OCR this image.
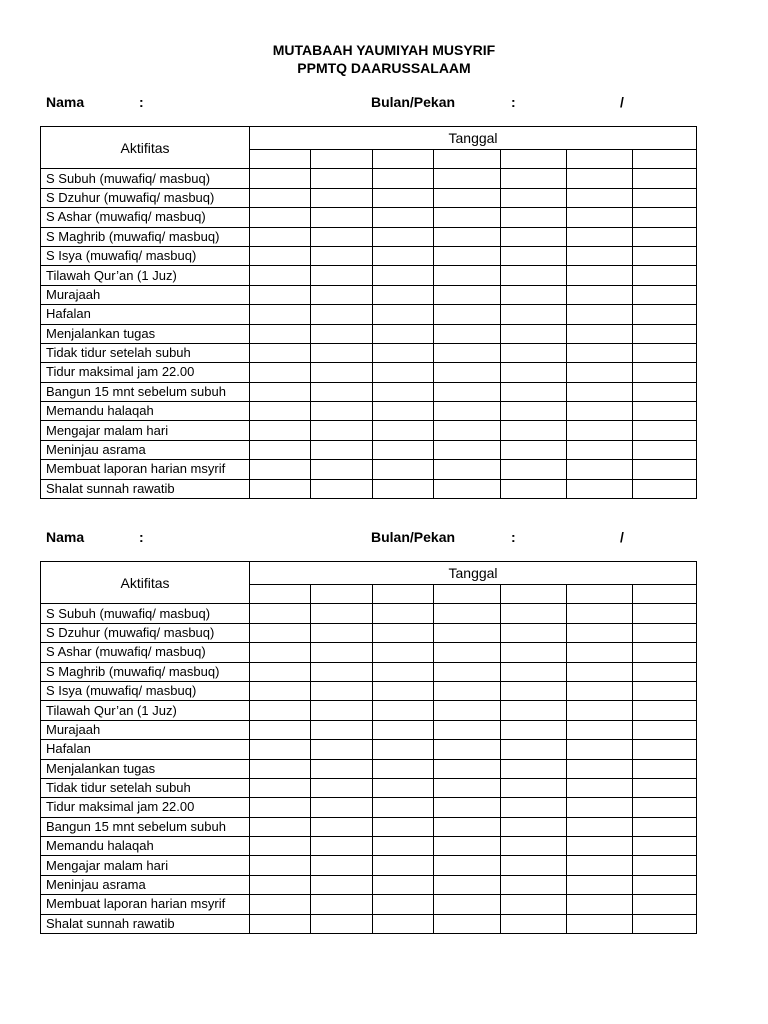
MUTABAAH YAUMIYAH MUSYRIF
PPMTQ DAARUSSALAAM
Nama	:	Bulan/Pekan	:	/
Aktifitas	Tanggal						

S Subuh (muwafiq/ masbuq)							
S Dzuhur (muwafiq/ masbuq)							
S Ashar (muwafiq/ masbuq)							
S Maghrib (muwafiq/ masbuq)							
S Isya (muwafiq/ masbuq)							
Tilawah Qur’an (1 Juz)							
Murajaah							
Hafalan							
Menjalankan tugas							
Tidak tidur setelah subuh							
Tidur maksimal jam 22.00							
Bangun 15 mnt sebelum subuh							
Memandu halaqah							
Mengajar malam hari							
Meninjau asrama							
Membuat laporan harian msyrif							
Shalat sunnah rawatib							
Nama	:	Bulan/Pekan	:	/
Aktifitas	Tanggal						

S Subuh (muwafiq/ masbuq)							
S Dzuhur (muwafiq/ masbuq)							
S Ashar (muwafiq/ masbuq)							
S Maghrib (muwafiq/ masbuq)							
S Isya (muwafiq/ masbuq)							
Tilawah Qur’an (1 Juz)							
Murajaah							
Hafalan							
Menjalankan tugas							
Tidak tidur setelah subuh							
Tidur maksimal jam 22.00							
Bangun 15 mnt sebelum subuh							
Memandu halaqah							
Mengajar malam hari							
Meninjau asrama							
Membuat laporan harian msyrif							
Shalat sunnah rawatib							
